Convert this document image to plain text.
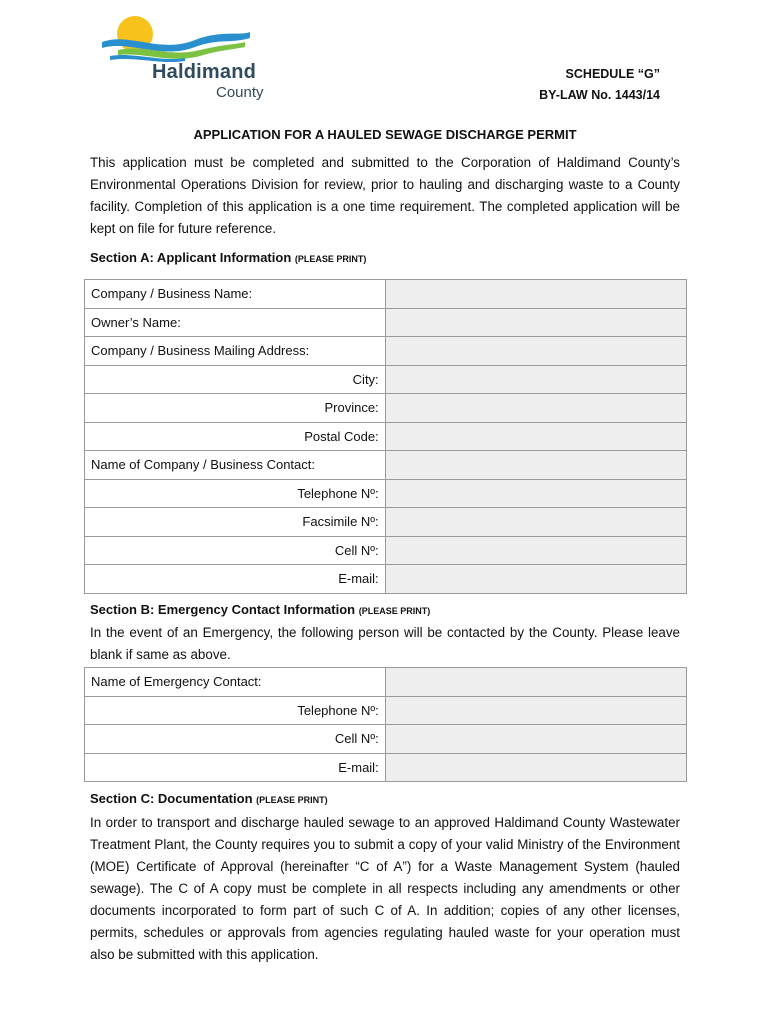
Haldimand
County
SCHEDULE “G”
BY-LAW No. 1443/14
APPLICATION FOR A HAULED SEWAGE DISCHARGE PERMIT

This application must be completed and submitted to the Corporation of Haldimand County’s Environmental Operations Division for review, prior to hauling and discharging waste to a County facility. Completion of this application is a one time requirement. The completed application will be kept on file for future reference.

Section A: Applicant Information (PLEASE PRINT)
Company / Business Name:	
Owner’s Name:	
Company / Business Mailing Address:	
City:	
Province:	
Postal Code:	
Name of Company / Business Contact:	
Telephone Nº:	
Facsimile Nº:	
Cell Nº:	
E-mail:	
Section B: Emergency Contact Information (PLEASE PRINT)

In the event of an Emergency, the following person will be contacted by the County. Please leave blank if same as above.

Name of Emergency Contact:	
Telephone Nº:	
Cell Nº:	
E-mail:	
Section C: Documentation (PLEASE PRINT)

In order to transport and discharge hauled sewage to an approved Haldimand County Wastewater Treatment Plant, the County requires you to submit a copy of your valid Ministry of the Environment (MOE) Certificate of Approval (hereinafter “C of A”) for a Waste Management System (hauled sewage). The C of A copy must be complete in all respects including any amendments or other documents incorporated to form part of such C of A. In addition; copies of any other licenses, permits, schedules or approvals from agencies regulating hauled waste for your operation must also be submitted with this application.
